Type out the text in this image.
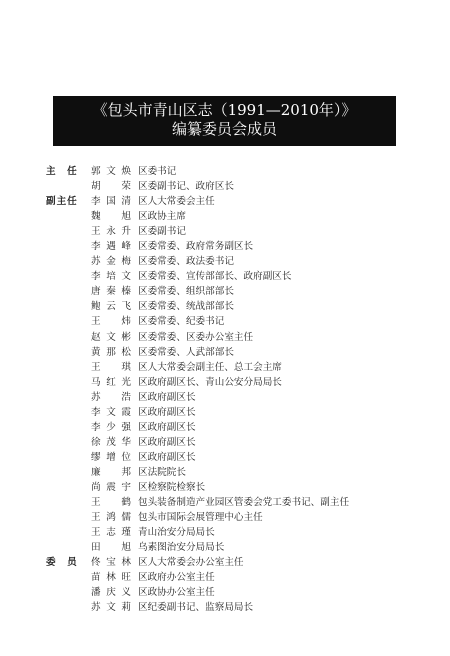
《包头市青山区志（1991—2010年）》
编纂委员会成员
主　任 郭文焕 区委书记
胡　荣 区委副书记、政府区长
副主任 李国清 区人大常委会主任
魏　旭 区政协主席
王永升 区委副书记
李遇峰 区委常委、政府常务副区长
苏金梅 区委常委、政法委书记
李培文 区委常委、宣传部部长、政府副区长
唐秦榛 区委常委、组织部部长
鲍云飞 区委常委、统战部部长
王　炜 区委常委、纪委书记
赵文彬 区委常委、区委办公室主任
黄那松 区委常委、人武部部长
王　琪 区人大常委会副主任、总工会主席
马红光 区政府副区长、青山公安分局局长
苏　浩 区政府副区长
李文霞 区政府副区长
李少强 区政府副区长
徐茂华 区政府副区长
缪增位 区政府副区长
廉　邦 区法院院长
尚震宇 区检察院检察长
王　鹤 包头装备制造产业园区管委会党工委书记、副主任
王鸿儒 包头市国际会展管理中心主任
王志瑾 青山治安分局局长
田　旭 乌素图治安分局局长
委　员 佟宝林 区人大常委会办公室主任
苗林旺 区政府办公室主任
潘庆义 区政协办公室主任
苏文莉 区纪委副书记、监察局局长
